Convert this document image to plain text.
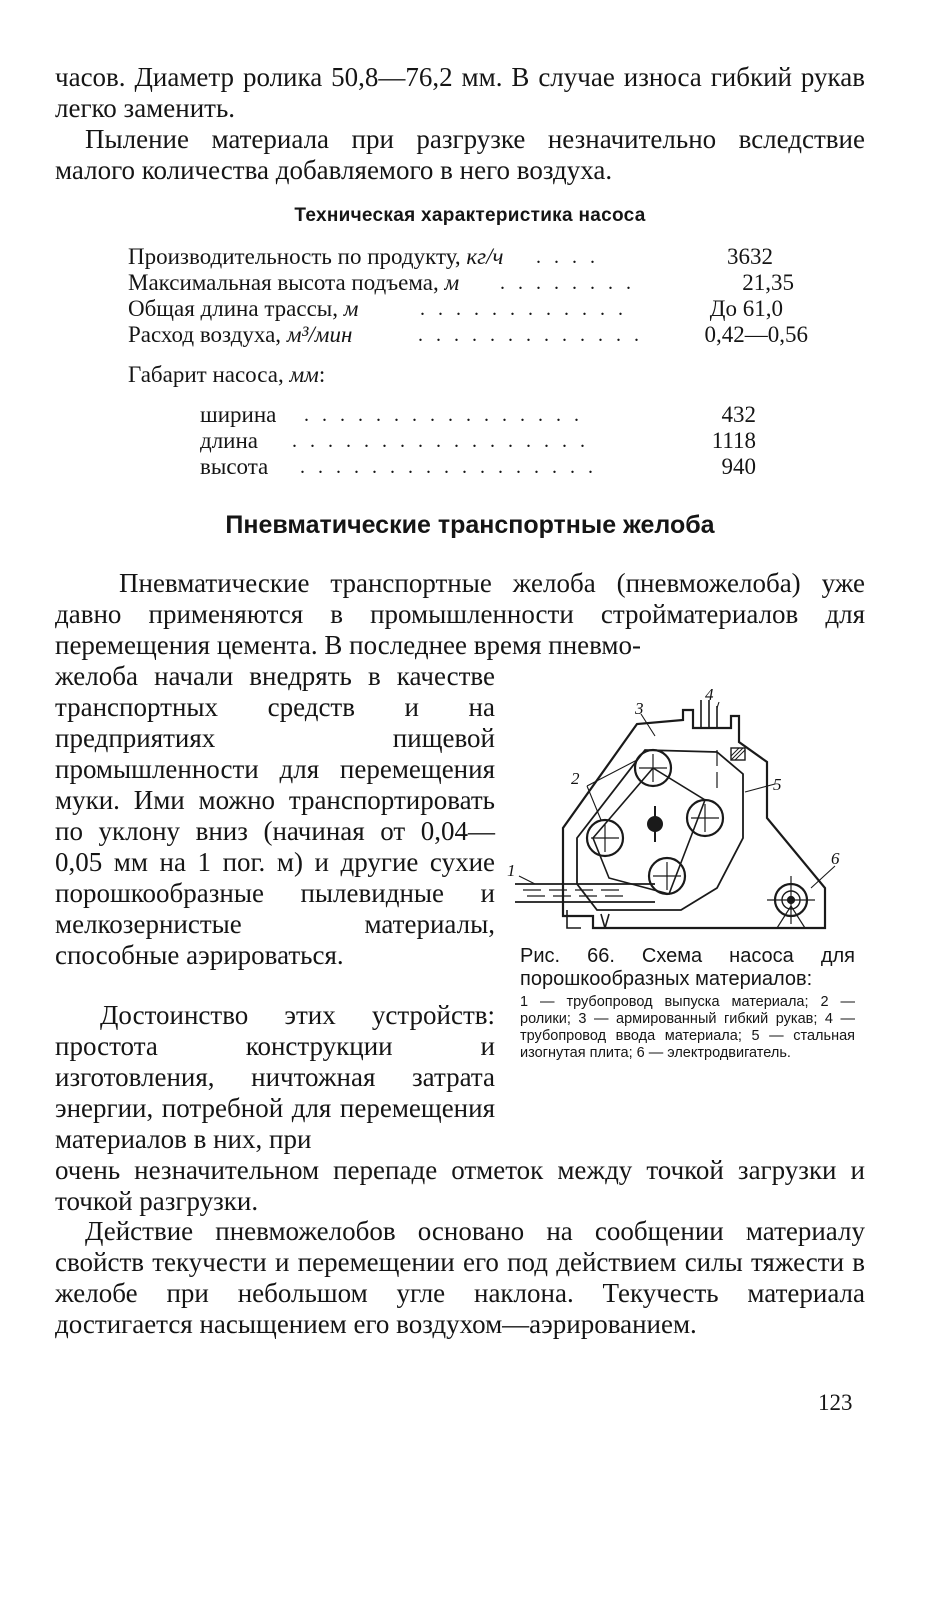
часов. Диаметр ролика 50,8—76,2 мм. В случае износа гибкий рукав легко заменить.

Пыление материала при разгрузке незначительно вследствие малого количества добавляемого в него воздуха.

Техническая характеристика насоса
Производительность по продукту, кг/ч . . . .	3632
Максимальная высота подъема, м . . . . . . . .	21,35
Общая длина трассы, м	. . . . . . . . . . . .	До 61,0
Расход воздуха, м³/мин	. . . . . . . . . . . . .	0,42—0,56
Габарит насоса, мм:
ширина . . . . . . . . . . . . . . . .	432
длина . . . . . . . . . . . . . . . . .	1118
высота . . . . . . . . . . . . . . . . .	940
Пневматические транспортные желоба

Пневматические транспортные желоба (пневможелоба) уже давно применяются в промышленности стройматериалов для перемещения цемента. В последнее время пневмо-

желоба начали внедрять в качестве транспортных средств и на предприятиях пищевой промышленности для перемещения муки. Ими можно транспортировать по уклону вниз (начиная от 0,04—0,05 мм на 1 пог. м) и другие сухие порошкообразные пылевидные и мелкозернистые материалы, способные аэрироваться.

Достоинство этих устройств: простота конструкции и изготовления, ничтожная затрата энергии, потребной для перемещения материалов в них, при

очень незначительном перепаде отметок между точкой загрузки и точкой разгрузки.

Действие пневможелобов основано на сообщении материалу свойств текучести и перемещении его под действием силы тяжести в желобе при небольшом угле наклона. Текучесть материала достигается насыщением его воздухом—аэрированием.

1
2
3
4
5
6
Рис. 66. Схема насоса для порошкообразных материалов:
1 — трубопровод выпуска материала; 2 — ролики; 3 — армированный гибкий рукав; 4 — трубопровод ввода материала; 5 — стальная изогнутая плита; 6 — электродвигатель.
123
